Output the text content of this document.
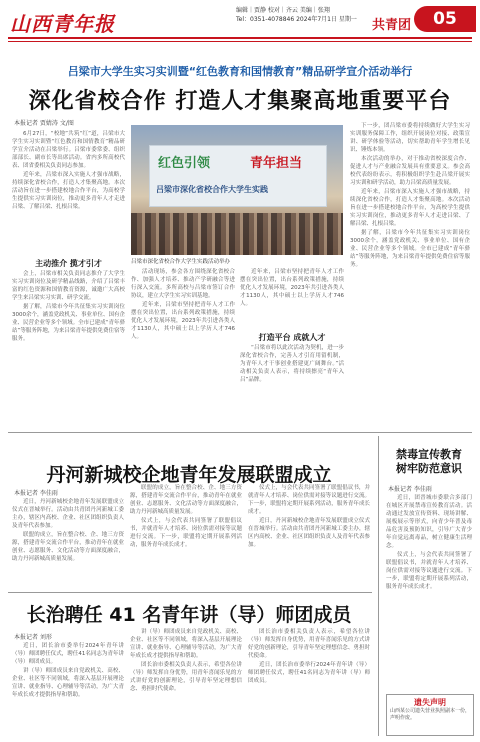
山西青年报
编辑｜贾静 校对｜齐云 美编｜张翔
Tel：0351-4078846 2024年7月1日 星期一	共青团	05
吕梁市大学生实习实训暨“红色教育和国情教育”精品研学宣介活动举行
深化省校合作 打造人才集聚高地重要平台
本报记者 贾婧涛 文/图

6月27日，“校地”共筑“红”道，吕梁市大学生实习实训暨“红色教育和国情教育”精品研学宣介活动在吕梁举行。吕梁市委常委、组织部部长、副市长等出席活动。省内多所高校代表、团省委相关负责同志参加。

近年来，吕梁市深入实施人才强市战略，持续深化省校合作，打造人才集聚高地。本次活动旨在进一步搭建校地合作平台，为高校学生提供实习实训岗位，推动更多青年人才走进吕梁、了解吕梁、扎根吕梁。

主动推介 揽才引才

会上，吕梁市相关负责同志推介了大学生实习实训岗位及研学精品线路，介绍了吕梁丰富的红色资源和国情教育资源，诚邀广大高校学生来吕梁实习实训、研学交流。

据了解，吕梁市今年共征集实习实训岗位3000余个，涵盖党政机关、事业单位、国有企业、民营企业等多个领域。全市已建成“青年驿站”等服务阵地，为来吕梁青年提供免费住宿等服务。

红色引领	青年担当
吕梁市深化省校合作大学生实践
吕梁市深化省校合作大学生实践活动举办

活动现场，参会各方围绕深化省校合作、加强人才培养、推动产学研融合等进行深入交流。多所高校与吕梁市签订合作协议，建立大学生实习实训基地。

近年来，吕梁市坚持把青年人才工作摆在突出位置，出台系列政策措施，持续优化人才发展环境，2023年共引进各类人才1130人，其中硕士以上学历人才746人。

近年来，吕梁市坚持把青年人才工作摆在突出位置，出台系列政策措施，持续优化人才发展环境，2023年共引进各类人才1130人，其中硕士以上学历人才746人。

打造平台 成就人才

“吕梁市将以此次活动为契机，进一步深化省校合作，完善人才引育用留机制，为青年人才干事创业搭建更广阔舞台。”活动相关负责人表示，将持续擦亮“青年入吕”品牌。

下一步，团吕梁市委将持续做好大学生实习实训服务保障工作，组织开展岗位对接、政策宣讲、研学体验等活动，切实帮助青年学生增长见识、锤炼本领。

本次活动的举办，对于推动省校深度合作、促进人才与产业融合发展具有重要意义。参会高校代表纷纷表示，将积极组织学生赴吕梁开展实习实训和研学活动，助力吕梁高质量发展。

近年来，吕梁市深入实施人才强市战略，持续深化省校合作，打造人才集聚高地。本次活动旨在进一步搭建校地合作平台，为高校学生提供实习实训岗位，推动更多青年人才走进吕梁、了解吕梁、扎根吕梁。

据了解，吕梁市今年共征集实习实训岗位3000余个，涵盖党政机关、事业单位、国有企业、民营企业等多个领域。全市已建成“青年驿站”等服务阵地，为来吕梁青年提供免费住宿等服务。

丹河新城校企地青年发展联盟成立
本报记者 李佳雨

近日，丹河新城校企地青年发展联盟成立仪式在晋城举行。活动由共青团丹河新城工委主办，辖区内高校、企业、社区团组织负责人及青年代表参加。

联盟的成立，旨在整合校、企、地三方资源，搭建青年交流合作平台，推动青年在就业创业、志愿服务、文化活动等方面深度融合，助力丹河新城高质量发展。

联盟的成立，旨在整合校、企、地三方资源，搭建青年交流合作平台，推动青年在就业创业、志愿服务、文化活动等方面深度融合，助力丹河新城高质量发展。

仪式上，与会代表共同签署了联盟倡议书，并就青年人才培养、岗位供需对接等议题进行交流。下一步，联盟将定期开展系列活动，服务青年成长成才。

仪式上，与会代表共同签署了联盟倡议书，并就青年人才培养、岗位供需对接等议题进行交流。下一步，联盟将定期开展系列活动，服务青年成长成才。

近日，丹河新城校企地青年发展联盟成立仪式在晋城举行。活动由共青团丹河新城工委主办，辖区内高校、企业、社区团组织负责人及青年代表参加。

禁毒宣传教育
树牢防范意识
本报记者 李佳雨

近日，团晋城市委联合多部门在城区开展禁毒宣传教育活动。活动通过发放宣传资料、现场讲解、展板展示等形式，向青少年普及毒品危害及预防知识，引导广大青少年自觉远离毒品，树立健康生活理念。

仪式上，与会代表共同签署了联盟倡议书，并就青年人才培养、岗位供需对接等议题进行交流。下一步，联盟将定期开展系列活动，服务青年成长成才。

长治聘任 41 名青年讲（导）师团成员
本报记者 刘形

近日，团长治市委举行2024年青年讲（导）师团聘任仪式，聘任41名同志为青年讲（导）师团成员。

讲（导）师团成员来自党政机关、高校、企业、社区等不同领域，将深入基层开展理论宣讲、就业指导、心理辅导等活动，为广大青年成长成才提供指导和帮助。

讲（导）师团成员来自党政机关、高校、企业、社区等不同领域，将深入基层开展理论宣讲、就业指导、心理辅导等活动，为广大青年成长成才提供指导和帮助。

团长治市委相关负责人表示，希望各位讲（导）师发挥自身优势，用青年喜闻乐见的方式讲好党的创新理论，引导青年坚定理想信念、勇担时代使命。

团长治市委相关负责人表示，希望各位讲（导）师发挥自身优势，用青年喜闻乐见的方式讲好党的创新理论，引导青年坚定理想信念、勇担时代使命。

近日，团长治市委举行2024年青年讲（导）师团聘任仪式，聘任41名同志为青年讲（导）师团成员。

遗失声明
山西某公司遗失营业执照副本一份，声明作废。
